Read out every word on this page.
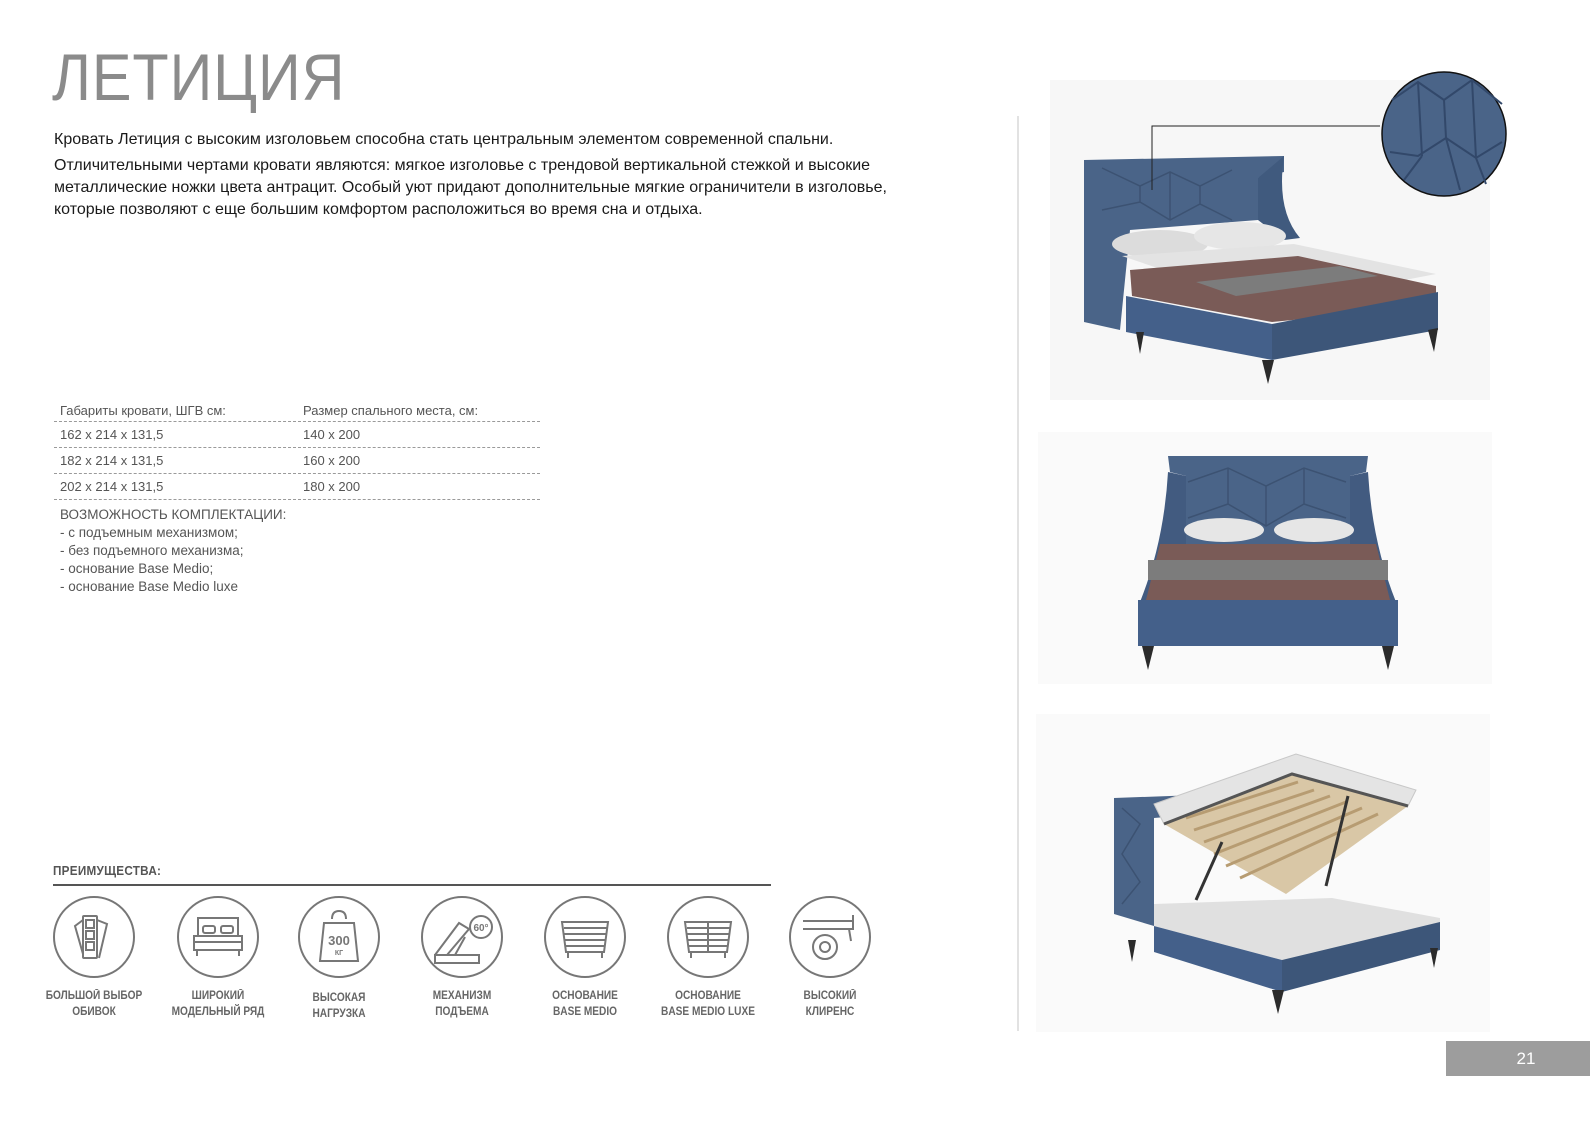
ЛЕТИЦИЯ

Кровать Летиция с высоким изголовьем способна стать центральным элементом современной спальни.

Отличительными чертами кровати являются: мягкое изголовье с трендовой вертикальной стежкой и высокие металлические ножки цвета антрацит. Особый уют придают дополнительные мягкие ограничители в изголовье, которые позволяют с еще большим комфортом расположиться во время сна и отдыха.

Габариты кровати, ШГВ см:	Размер спального места, см:
162 х 214 х 131,5	140 х 200
182 х 214 х 131,5	160 х 200
202 х 214 х 131,5	180 х 200
ВОЗМОЖНОСТЬ КОМПЛЕКТАЦИИ:
- с подъемным механизмом;
- без подъемного механизма;
- основание Base Medio;
- основание Base Medio luxe
ПРЕИМУЩЕСТВА:
БОЛЬШОЙ ВЫБОР
ОБИВОК
ШИРОКИЙ
МОДЕЛЬНЫЙ РЯД
300
КГ
ВЫСОКАЯ
НАГРУЗКА
60°
МЕХАНИЗМ
ПОДЪЕМА
ОСНОВАНИЕ
BASE MEDIO
ОСНОВАНИЕ
BASE MEDIO LUXE
ВЫСОКИЙ
КЛИРЕНС
21
